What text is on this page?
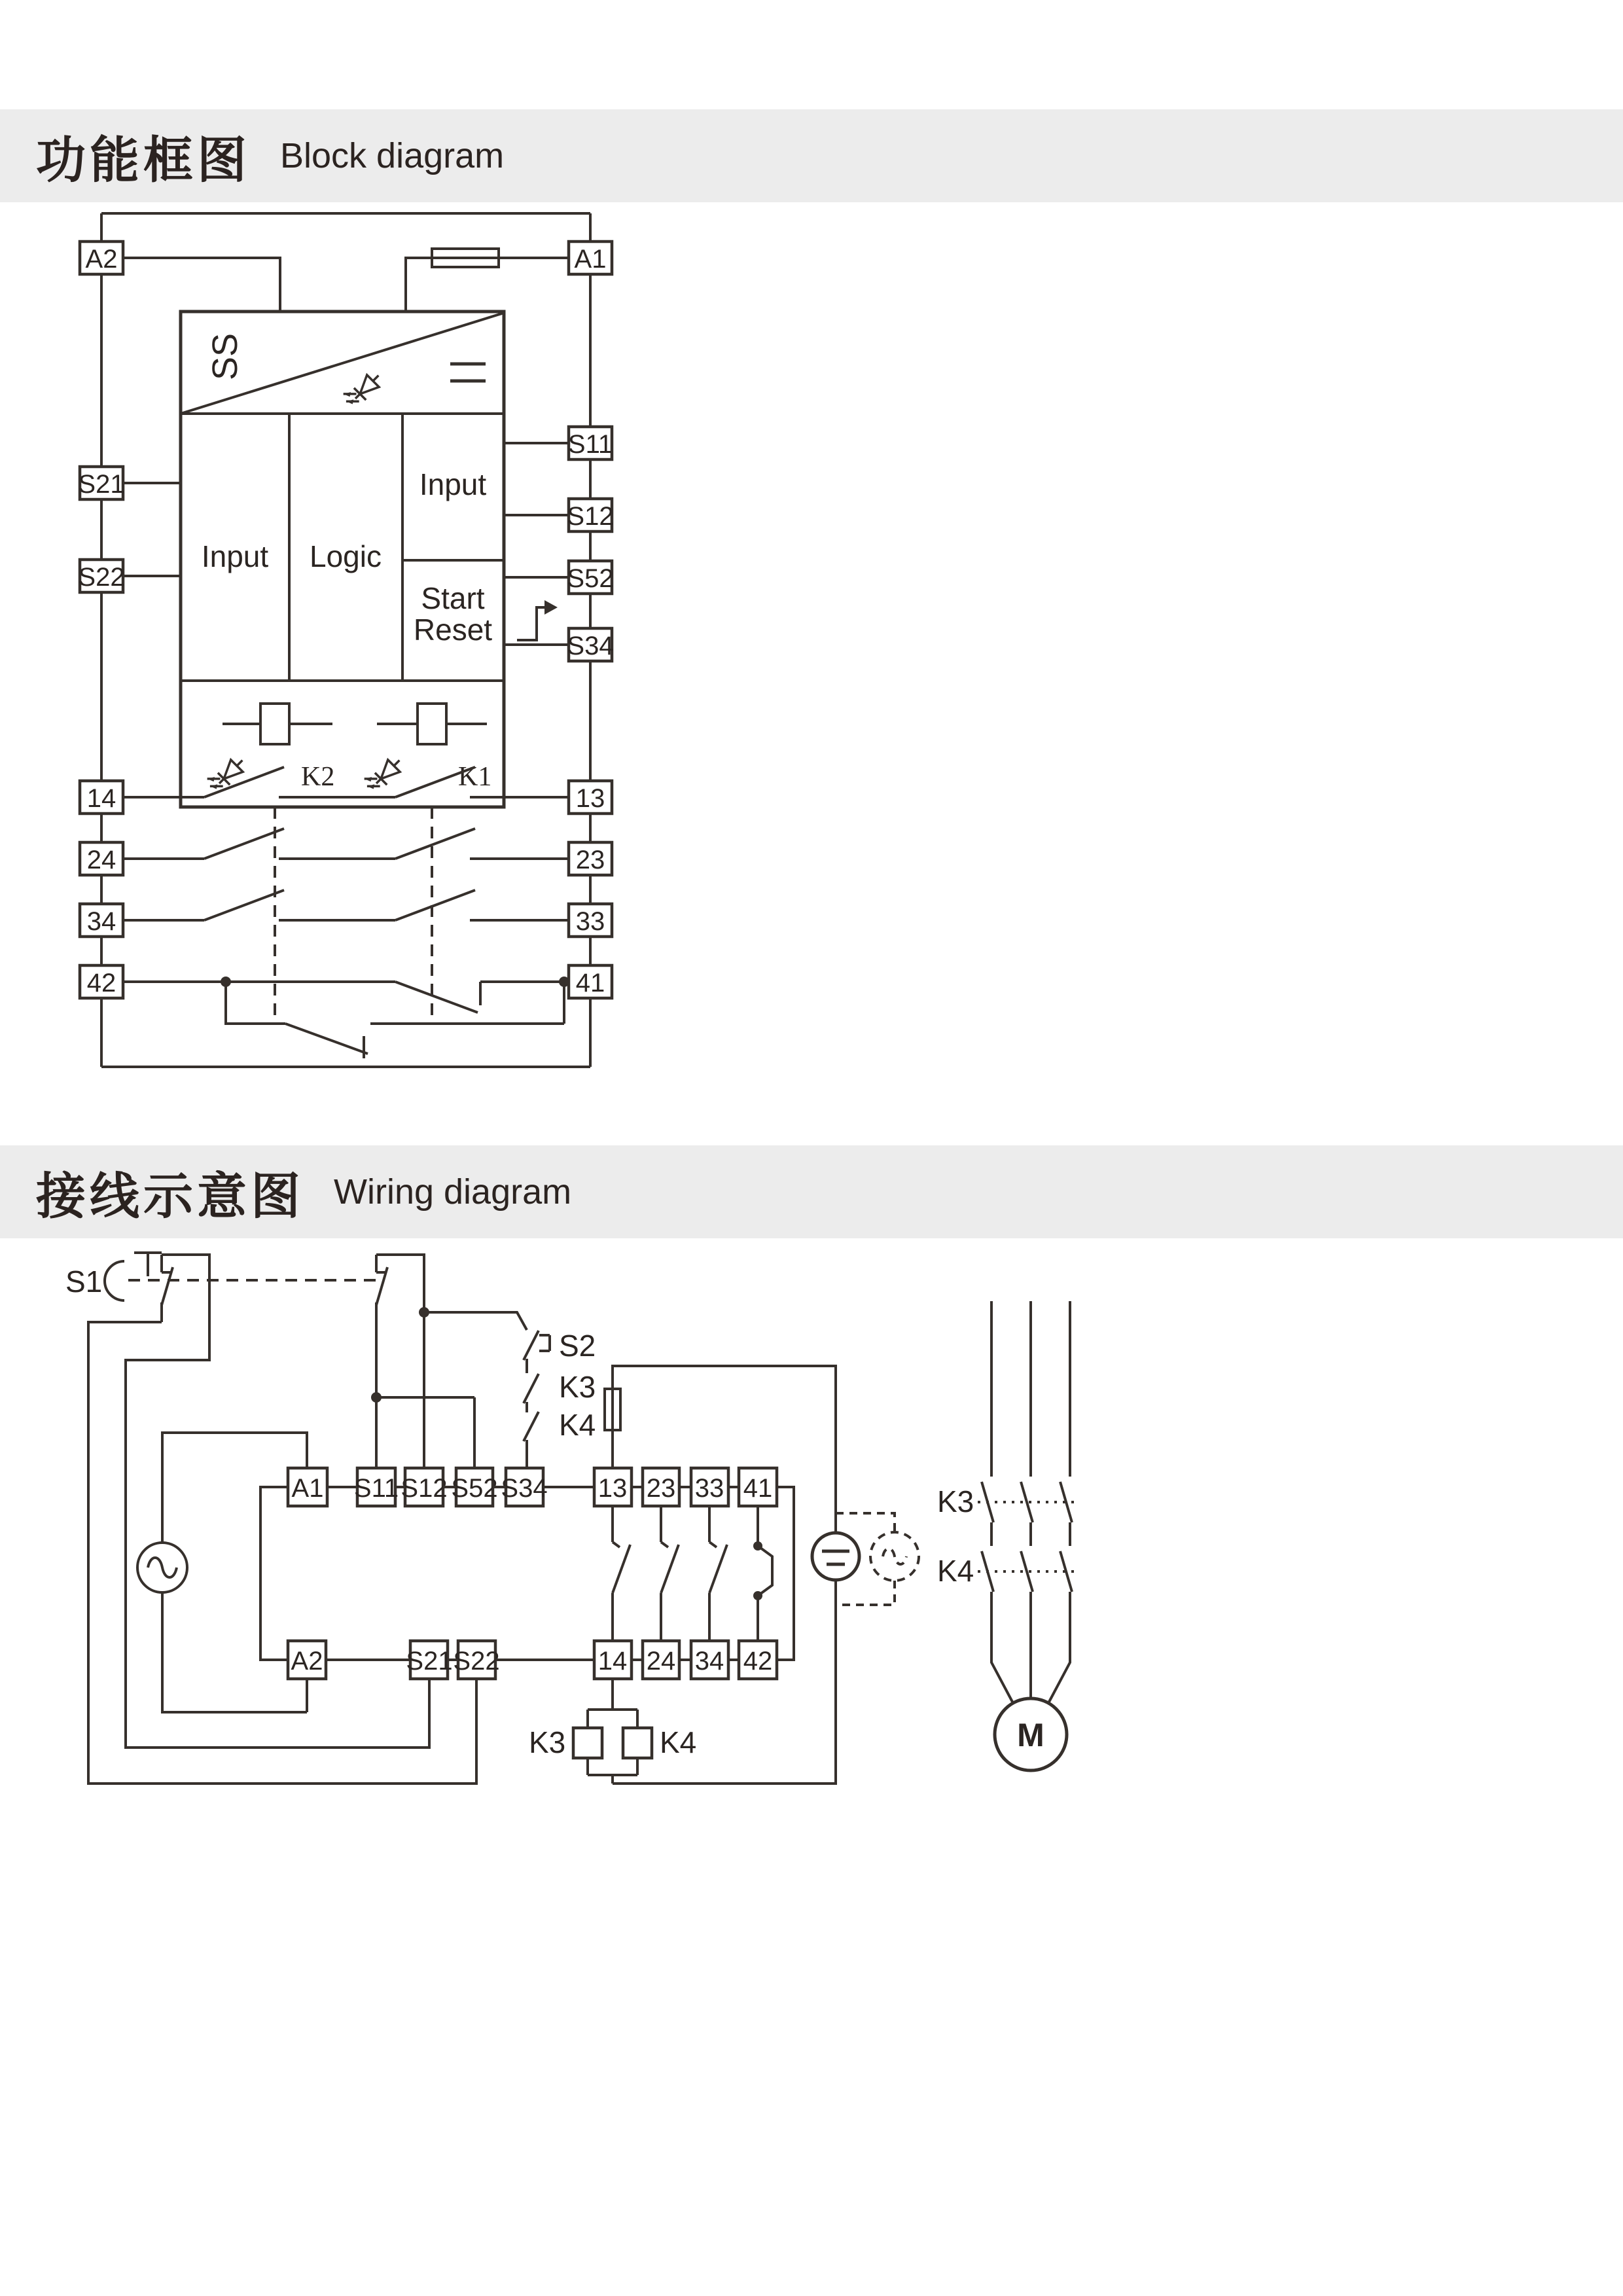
功能框图 Block diagram
接线示意图 Wiring diagram
SS
Input Logic
Input
Start
Reset
K2	K1
A2
S21
S22
14
24
34
42
A1
S11
S12
S52
S34
13
23
33
41
S1
S2
K3
K4
A1 S11 S12 S52 S34 13 23 33 41
A2	S21 S22	14 24 34 42
K3	K4
K3
K4
M
